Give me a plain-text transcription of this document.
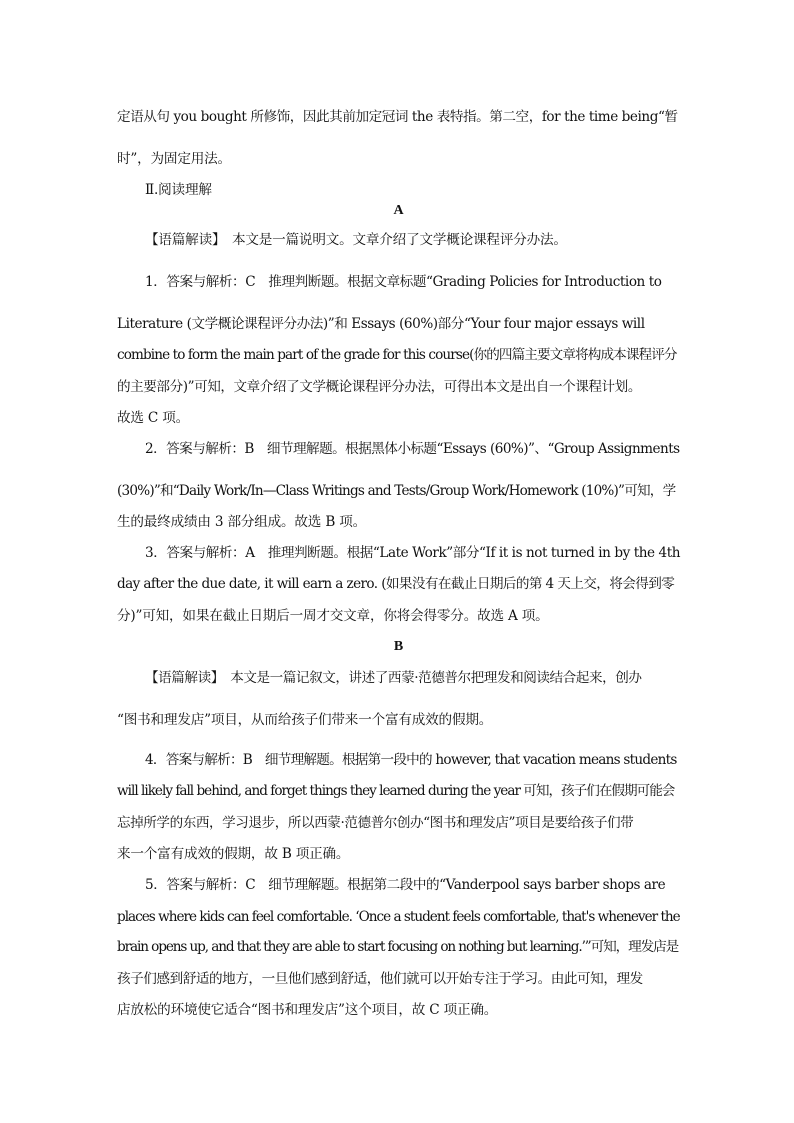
定语从句 you bought 所修饰，因此其前加定冠词 the 表特指。第二空，for the time being“暂
时”，为固定用法。
Ⅱ.阅读理解
A
【语篇解读】　本文是一篇说明文。文章介绍了文学概论课程评分办法。
1．答案与解析：C　推理判断题。根据文章标题“Grading Policies for Introduction to
Literature (文学概论课程评分办法)”和 Essays (60%)部分“Your four major essays will
combine to form the main part of the grade for this course(你的四篇主要文章将构成本课程评分
的主要部分)”可知，文章介绍了文学概论课程评分办法，可得出本文是出自一个课程计划。
故选 C 项。
2．答案与解析：B　细节理解题。根据黑体小标题“Essays (60%)”、“Group Assignments
(30%)”和“Daily Work/In—Class Writings and Tests/Group Work/Homework (10%)”可知，学
生的最终成绩由 3 部分组成。故选 B 项。
3．答案与解析：A　推理判断题。根据“Late Work”部分“If it is not turned in by the 4th
day after the due date, it will earn a zero. (如果没有在截止日期后的第 4 天上交，将会得到零
分)”可知，如果在截止日期后一周才交文章，你将会得零分。故选 A 项。
B
【语篇解读】　本文是一篇记叙文，讲述了西蒙·范德普尔把理发和阅读结合起来，创办
“图书和理发店”项目，从而给孩子们带来一个富有成效的假期。
4．答案与解析：B　细节理解题。根据第一段中的 however, that vacation means students
will likely fall behind, and forget things they learned during the year 可知，孩子们在假期可能会
忘掉所学的东西，学习退步，所以西蒙·范德普尔创办“图书和理发店”项目是要给孩子们带
来一个富有成效的假期，故 B 项正确。
5．答案与解析：C　细节理解题。根据第二段中的“Vanderpool says barber shops are
places where kids can feel comfortable. ‘Once a student feels comfortable, that's whenever the
brain opens up, and that they are able to start focusing on nothing but learning.’”可知，理发店是
孩子们感到舒适的地方，一旦他们感到舒适，他们就可以开始专注于学习。由此可知，理发
店放松的环境使它适合“图书和理发店”这个项目，故 C 项正确。
